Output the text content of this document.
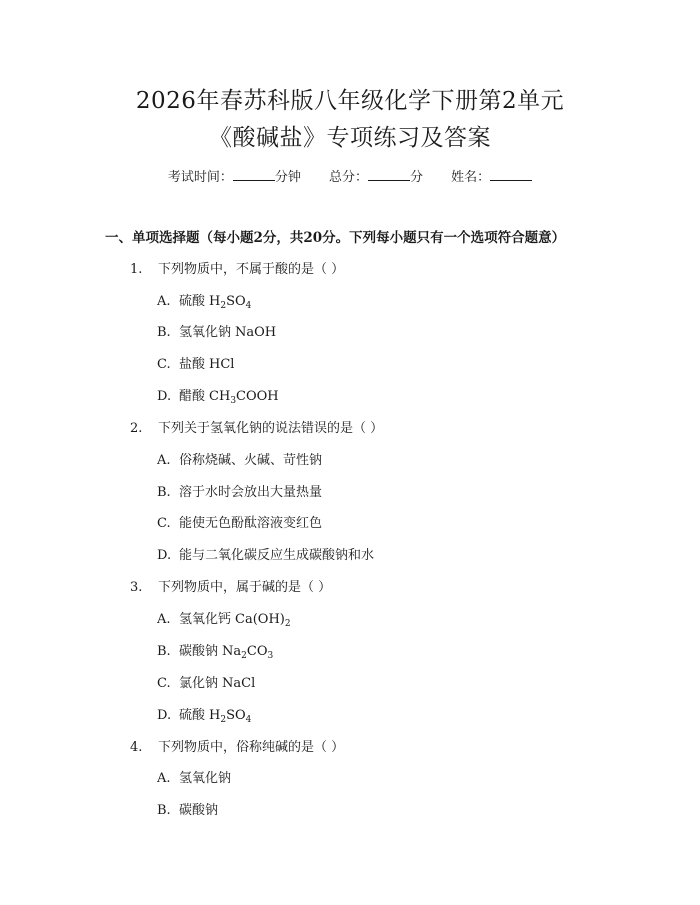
2026年春苏科版八年级化学下册第2单元
《酸碱盐》专项练习及答案
考试时间：	分钟 总分：	分 姓名：
一、单项选择题（每小题2分，共20分。下列每小题只有一个选项符合题意）
1. 下列物质中，不属于酸的是（ ）
A. 硫酸 $H_2SO_4$
B. 氢氧化钠 NaOH
C. 盐酸 HCl
D. 醋酸 $CH_3COOH$
2. 下列关于氢氧化钠的说法错误的是（ ）
A. 俗称烧碱、火碱、苛性钠
B. 溶于水时会放出大量热量
C. 能使无色酚酞溶液变红色
D. 能与二氧化碳反应生成碳酸钠和水
3. 下列物质中，属于碱的是（ ）
A. 氢氧化钙 $Ca(OH)_2$
B. 碳酸钠 $Na_2CO_3$
C. 氯化钠 NaCl
D. 硫酸 $H_2SO_4$
4. 下列物质中，俗称纯碱的是（ ）
A. 氢氧化钠
B. 碳酸钠
